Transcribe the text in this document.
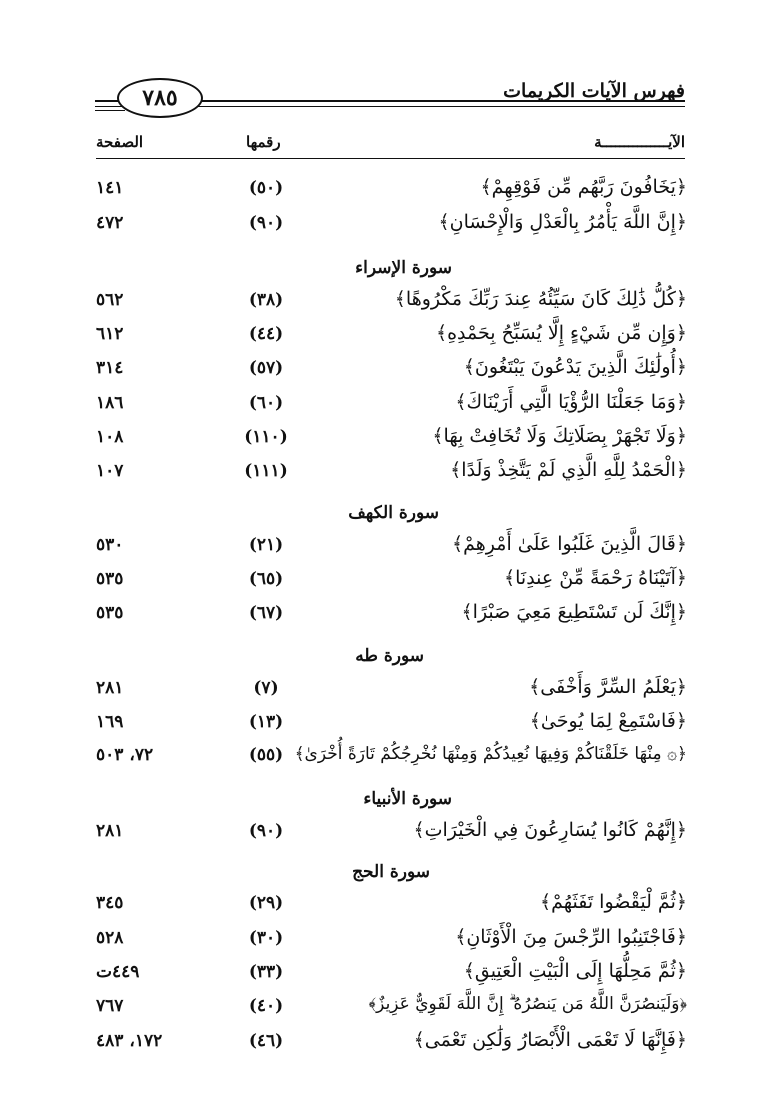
٧٨٥	فهرس الآيات الكريمات
الآيـــــــــــــــة
رقمها
الصفحة
﴿يَخَافُونَ رَبَّهُم مِّن فَوْقِهِمْ﴾
(٥٠)
١٤١
﴿إِنَّ اللَّهَ يَأْمُرُ بِالْعَدْلِ وَالْإِحْسَانِ﴾
(٩٠)
٤٧٢
سورة الإسراء
﴿كُلُّ ذَٰلِكَ كَانَ سَيِّئُهُ عِندَ رَبِّكَ مَكْرُوهًا﴾
(٣٨)
٥٦٢
﴿وَإِن مِّن شَيْءٍ إِلَّا يُسَبِّحُ بِحَمْدِهِ﴾
(٤٤)
٦١٢
﴿أُولَٰئِكَ الَّذِينَ يَدْعُونَ يَبْتَغُونَ﴾
(٥٧)
٣١٤
﴿وَمَا جَعَلْنَا الرُّؤْيَا الَّتِي أَرَيْنَاكَ﴾
(٦٠)
١٨٦
﴿وَلَا تَجْهَرْ بِصَلَاتِكَ وَلَا تُخَافِتْ بِهَا﴾
(١١٠)
١٠٨
﴿الْحَمْدُ لِلَّهِ الَّذِي لَمْ يَتَّخِذْ وَلَدًا﴾
(١١١)
١٠٧
سورة الكهف
﴿قَالَ الَّذِينَ غَلَبُوا عَلَىٰ أَمْرِهِمْ﴾
(٢١)
٥٣٠
﴿آتَيْنَاهُ رَحْمَةً مِّنْ عِندِنَا﴾
(٦٥)
٥٣٥
﴿إِنَّكَ لَن تَسْتَطِيعَ مَعِيَ صَبْرًا﴾
(٦٧)
٥٣٥
سورة طه
﴿يَعْلَمُ السِّرَّ وَأَخْفَى﴾
(٧)
٢٨١
﴿فَاسْتَمِعْ لِمَا يُوحَىٰ﴾
(١٣)
١٦٩
﴿۞ مِنْهَا خَلَقْنَاكُمْ وَفِيهَا نُعِيدُكُمْ وَمِنْهَا نُخْرِجُكُمْ تَارَةً أُخْرَىٰ﴾
(٥٥)
٧٢، ٥٠٣
سورة الأنبياء
﴿إِنَّهُمْ كَانُوا يُسَارِعُونَ فِي الْخَيْرَاتِ﴾
(٩٠)
٢٨١
سورة الحج
﴿ثُمَّ لْيَقْضُوا تَفَثَهُمْ﴾
(٢٩)
٣٤٥
﴿فَاجْتَنِبُوا الرِّجْسَ مِنَ الْأَوْثَانِ﴾
(٣٠)
٥٢٨
﴿ثُمَّ مَحِلُّهَا إِلَى الْبَيْتِ الْعَتِيقِ﴾
(٣٣)
٤٤٩ت
﴿وَلَيَنصُرَنَّ اللَّهُ مَن يَنصُرُهُ ۗ إِنَّ اللَّهَ لَقَوِيٌّ عَزِيزٌ﴾
(٤٠)
٧٦٧
﴿فَإِنَّهَا لَا تَعْمَى الْأَبْصَارُ وَلَٰكِن تَعْمَى﴾
(٤٦)
١٧٢، ٤٨٣
